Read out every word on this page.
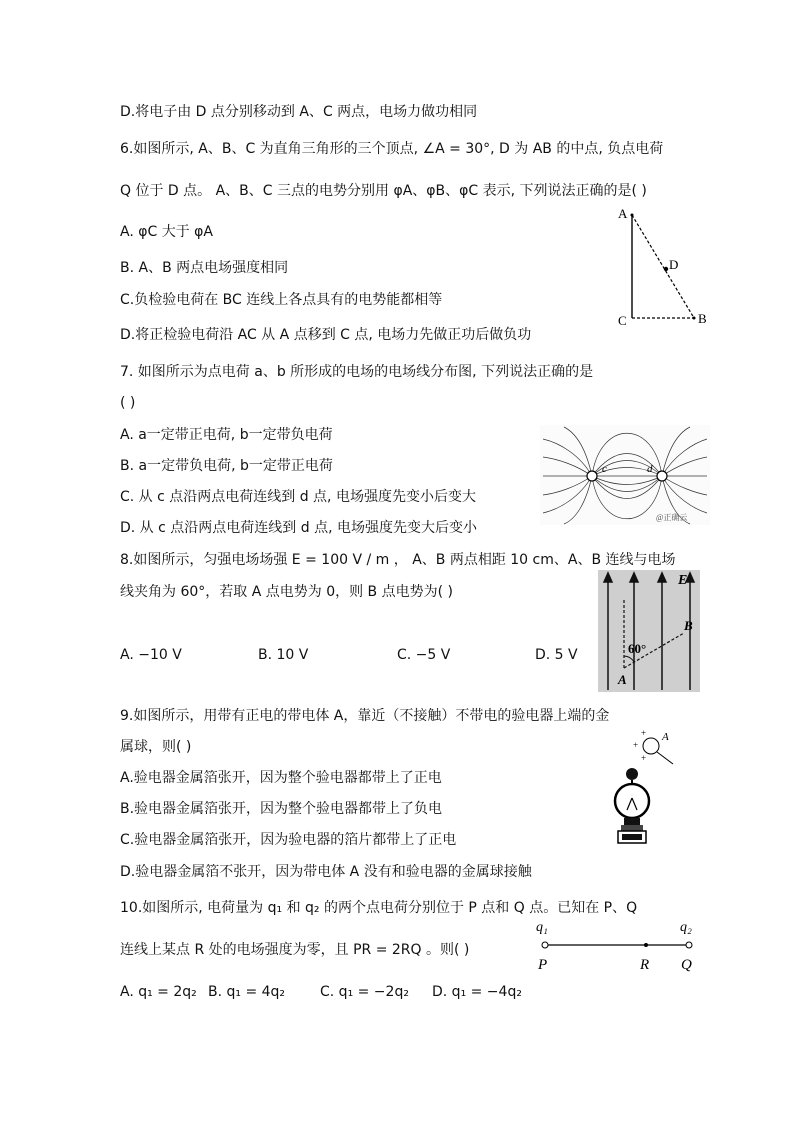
D.将电子由 D 点分别移动到 A、C 两点，电场力做功相同
6.如图所示, A、B、C 为直角三角形的三个顶点, ∠A = 30°, D 为 AB 的中点, 负点电荷
Q 位于 D 点。 A、B、C 三点的电势分别用 φA、φB、φC 表示, 下列说法正确的是( )
A. φC 大于 φA
B. A、B 两点电场强度相同
C.负检验电荷在 BC 连线上各点具有的电势能都相等
D.将正检验电荷沿 AC 从 A 点移到 C 点, 电场力先做正功后做负功
A
D
C	B
7. 如图所示为点电荷 a、b 所形成的电场的电场线分布图, 下列说法正确的是
( )
A. a一定带正电荷, b一定带负电荷
B. a一定带负电荷, b一定带正电荷
C. 从 c 点沿两点电荷连线到 d 点, 电场强度先变小后变大
D. 从 c 点沿两点电荷连线到 d 点, 电场强度先变大后变小
c	d
@正确云
8.如图所示，匀强电场场强 E = 100 V / m ， A、B 两点相距 10 cm、A、B 连线与电场
线夹角为 60°，若取 A 点电势为 0，则 B 点电势为( )
A. −10 V	B. 10 V	C. −5 V	D. 5 V
E
B
60°
A
9.如图所示，用带有正电的带电体 A，靠近（不接触）不带电的验电器上端的金
属球，则( )
A.验电器金属箔张开，因为整个验电器都带上了正电
B.验电器金属箔张开，因为整个验电器都带上了负电
C.验电器金属箔张开，因为验电器的箔片都带上了正电
D.验电器金属箔不张开，因为带电体 A 没有和验电器的金属球接触
+
+
+
A
10.如图所示, 电荷量为 q₁ 和 q₂ 的两个点电荷分别位于 P 点和 Q 点。已知在 P、Q
连线上某点 R 处的电场强度为零，且 PR = 2RQ 。则( )
A. q₁ = 2q₂ B. q₁ = 4q₂ C. q₁ = −2q₂ D. q₁ = −4q₂
q₁	q₂
P	R Q
